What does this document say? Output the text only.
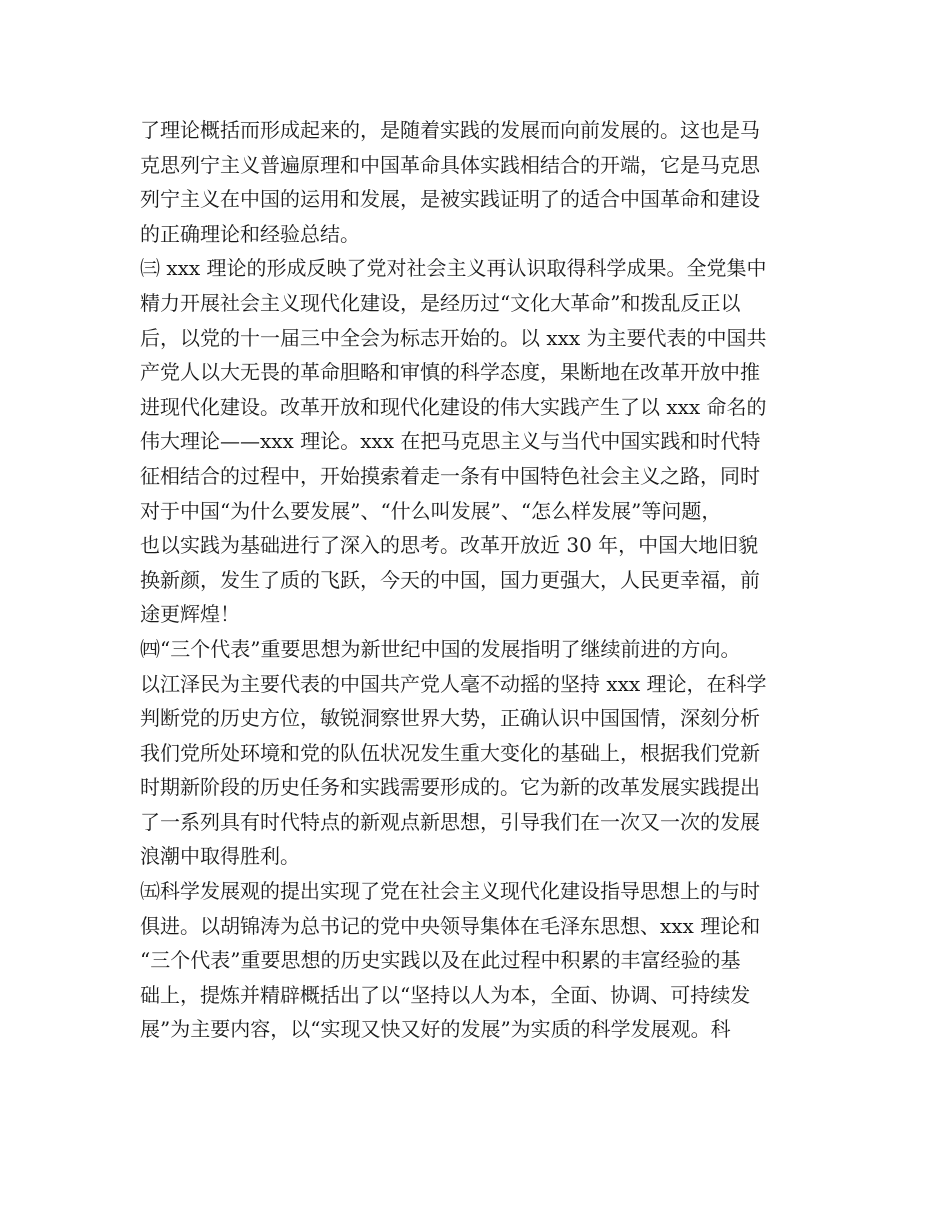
了理论概括而形成起来的，是随着实践的发展而向前发展的。这也是马
克思列宁主义普遍原理和中国革命具体实践相结合的开端，它是马克思
列宁主义在中国的运用和发展，是被实践证明了的适合中国革命和建设
的正确理论和经验总结。
㈢ xxx 理论的形成反映了党对社会主义再认识取得科学成果。全党集中
精力开展社会主义现代化建设，是经历过“文化大革命”和拨乱反正以
后，以党的十一届三中全会为标志开始的。以 xxx 为主要代表的中国共
产党人以大无畏的革命胆略和审慎的科学态度，果断地在改革开放中推
进现代化建设。改革开放和现代化建设的伟大实践产生了以 xxx 命名的
伟大理论——xxx 理论。xxx 在把马克思主义与当代中国实践和时代特
征相结合的过程中，开始摸索着走一条有中国特色社会主义之路，同时
对于中国“为什么要发展”、“什么叫发展”、“怎么样发展”等问题，
也以实践为基础进行了深入的思考。改革开放近 30 年，中国大地旧貌
换新颜，发生了质的飞跃，今天的中国，国力更强大，人民更幸福，前
途更辉煌！
㈣“三个代表”重要思想为新世纪中国的发展指明了继续前进的方向。
以江泽民为主要代表的中国共产党人毫不动摇的坚持 xxx 理论，在科学
判断党的历史方位，敏锐洞察世界大势，正确认识中国国情，深刻分析
我们党所处环境和党的队伍状况发生重大变化的基础上，根据我们党新
时期新阶段的历史任务和实践需要形成的。它为新的改革发展实践提出
了一系列具有时代特点的新观点新思想，引导我们在一次又一次的发展
浪潮中取得胜利。
㈤科学发展观的提出实现了党在社会主义现代化建设指导思想上的与时
俱进。以胡锦涛为总书记的党中央领导集体在毛泽东思想、xxx 理论和
“三个代表”重要思想的历史实践以及在此过程中积累的丰富经验的基
础上，提炼并精辟概括出了以“坚持以人为本，全面、协调、可持续发
展”为主要内容，以“实现又快又好的发展”为实质的科学发展观。科
